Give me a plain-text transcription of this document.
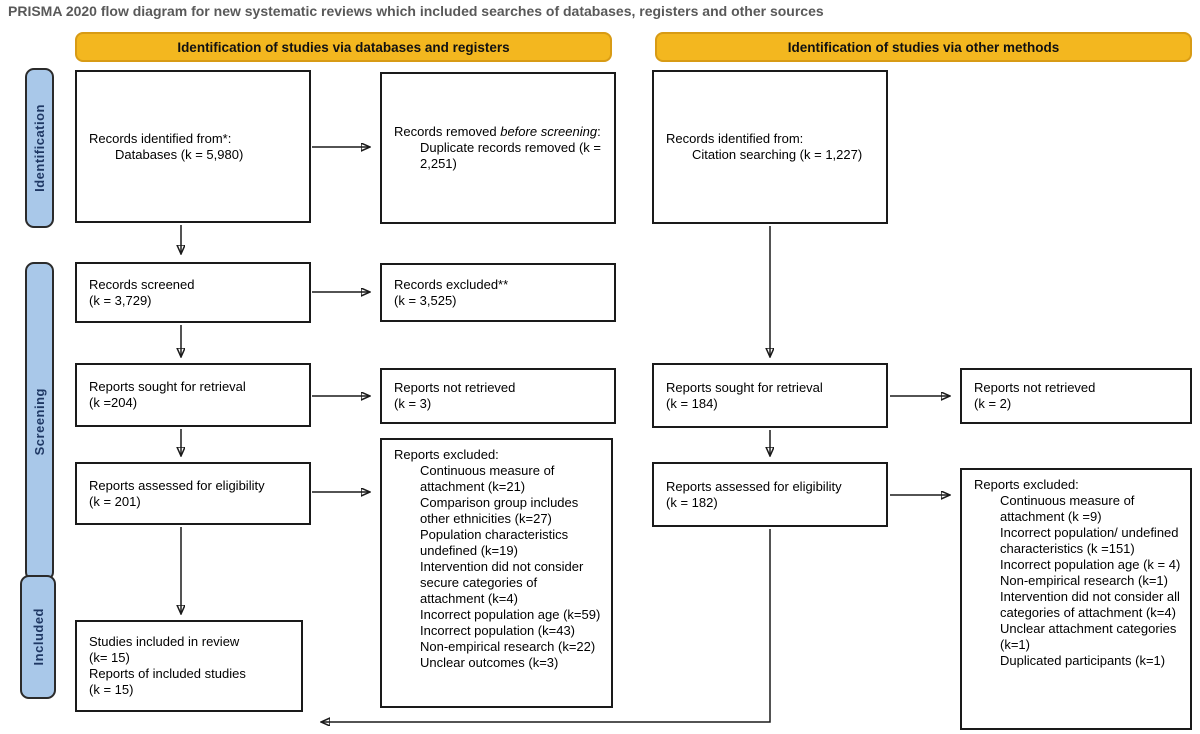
PRISMA 2020 flow diagram for new systematic reviews which included searches of databases, registers and other sources
Identification of studies via databases and registers	Identification of studies via other methods
Identification
Screening
Included
Records identified from*:
Databases (k = 5,980)
Records screened
(k = 3,729)
Reports sought for retrieval
(k =204)
Reports assessed for eligibility
(k = 201)
Studies included in review
(k= 15)
Reports of included studies
(k = 15)
Records removed before screening:
Duplicate records removed (k = 2,251)
Records excluded**
(k = 3,525)
Reports not retrieved
(k = 3)
Reports excluded:
Continuous measure of attachment (k=21)
Comparison group includes other ethnicities (k=27)
Population characteristics undefined (k=19)
Intervention did not consider secure categories of attachment (k=4)
Incorrect population age (k=59)
Incorrect population (k=43)
Non-empirical research (k=22)
Unclear outcomes (k=3)
Records identified from:
Citation searching (k = 1,227)
Reports sought for retrieval
(k = 184)
Reports assessed for eligibility
(k = 182)
Reports not retrieved
(k = 2)
Reports excluded:
Continuous measure of attachment (k =9)
Incorrect population/ undefined characteristics (k =151)
Incorrect population age (k = 4)
Non-empirical research (k=1)
Intervention did not consider all categories of attachment (k=4)
Unclear attachment categories (k=1)
Duplicated participants (k=1)
